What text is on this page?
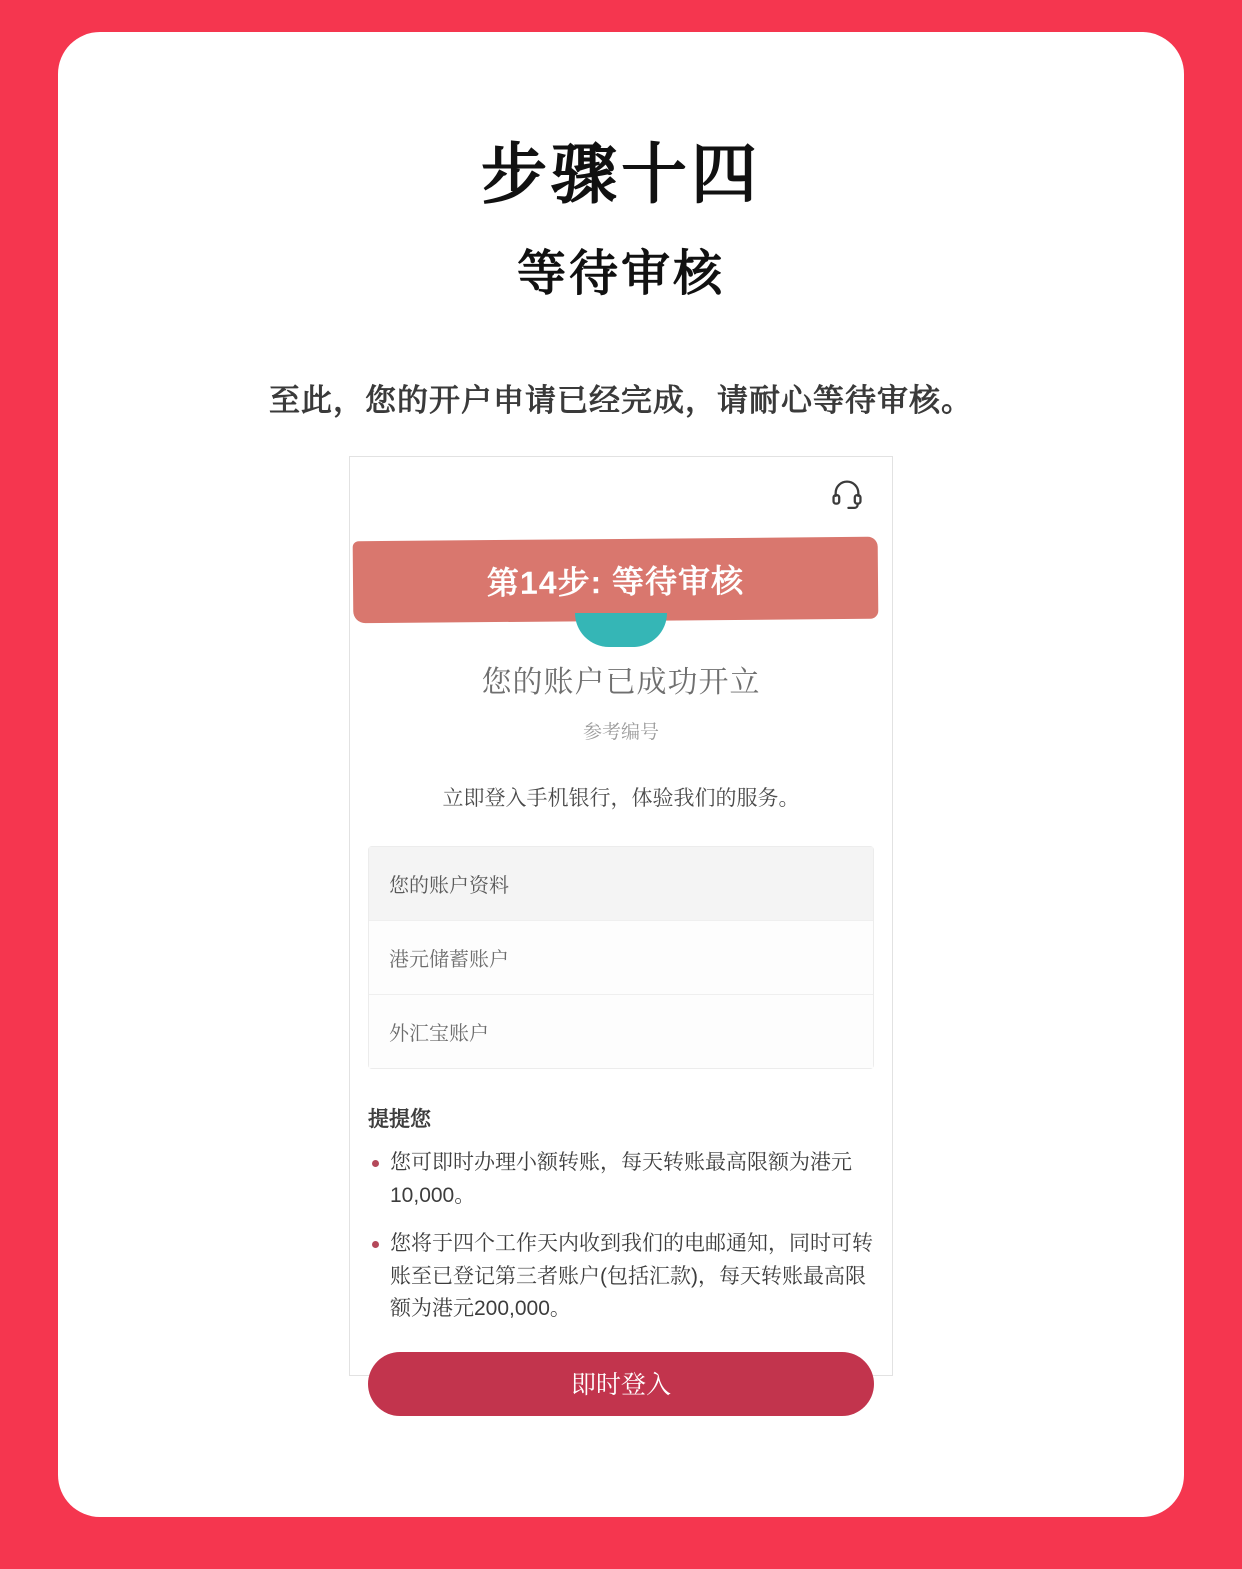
步骤十四
等待审核

至此，您的开户申请已经完成，请耐心等待审核。

第14步: 等待审核
您的账户已成功开立
参考编号
立即登入手机银行，体验我们的服务。
您的账户资料
港元储蓄账户
外汇宝账户
提提您
您可即时办理小额转账，每天转账最高限额为港元10,000。
您将于四个工作天内收到我们的电邮通知，同时可转账至已登记第三者账户(包括汇款)，每天转账最高限额为港元200,000。
即时登入
